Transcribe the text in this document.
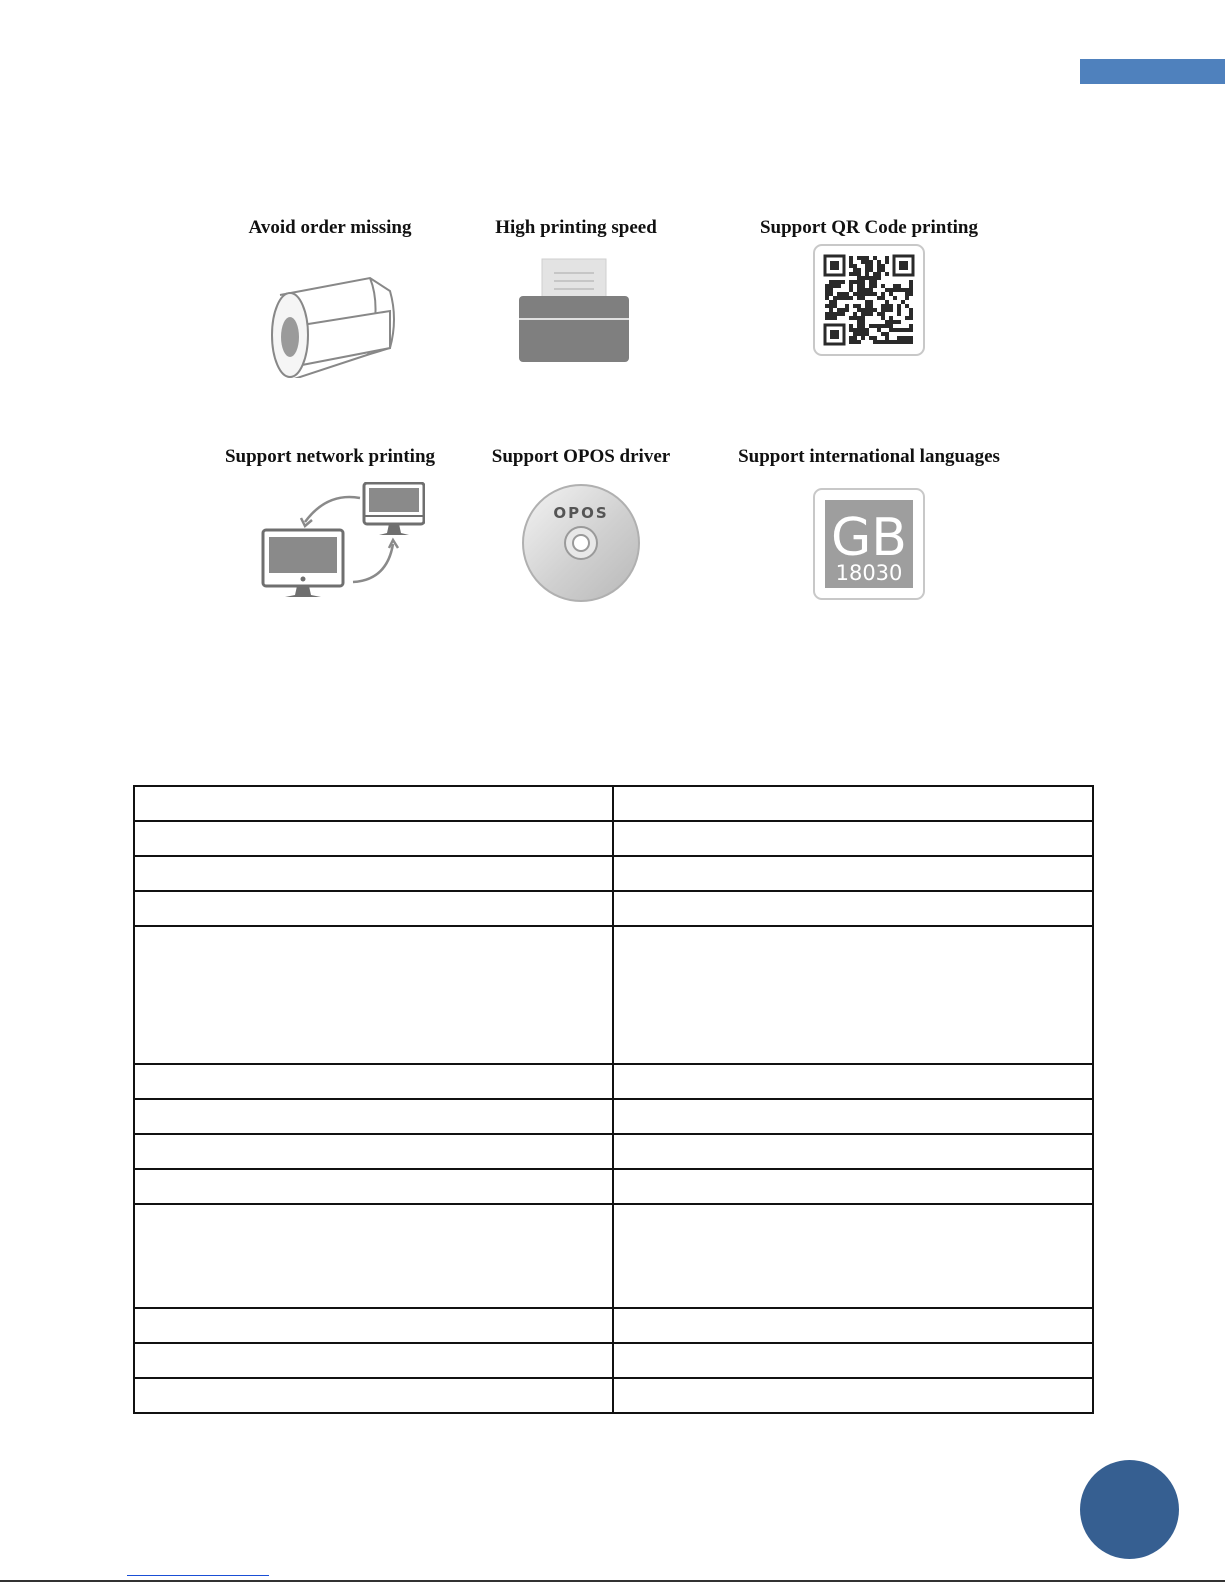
Avoid order missing	High printing speed	Support QR Code printing
Support network printing	Support OPOS driver
OPOS
Support international languages
GB
18030
